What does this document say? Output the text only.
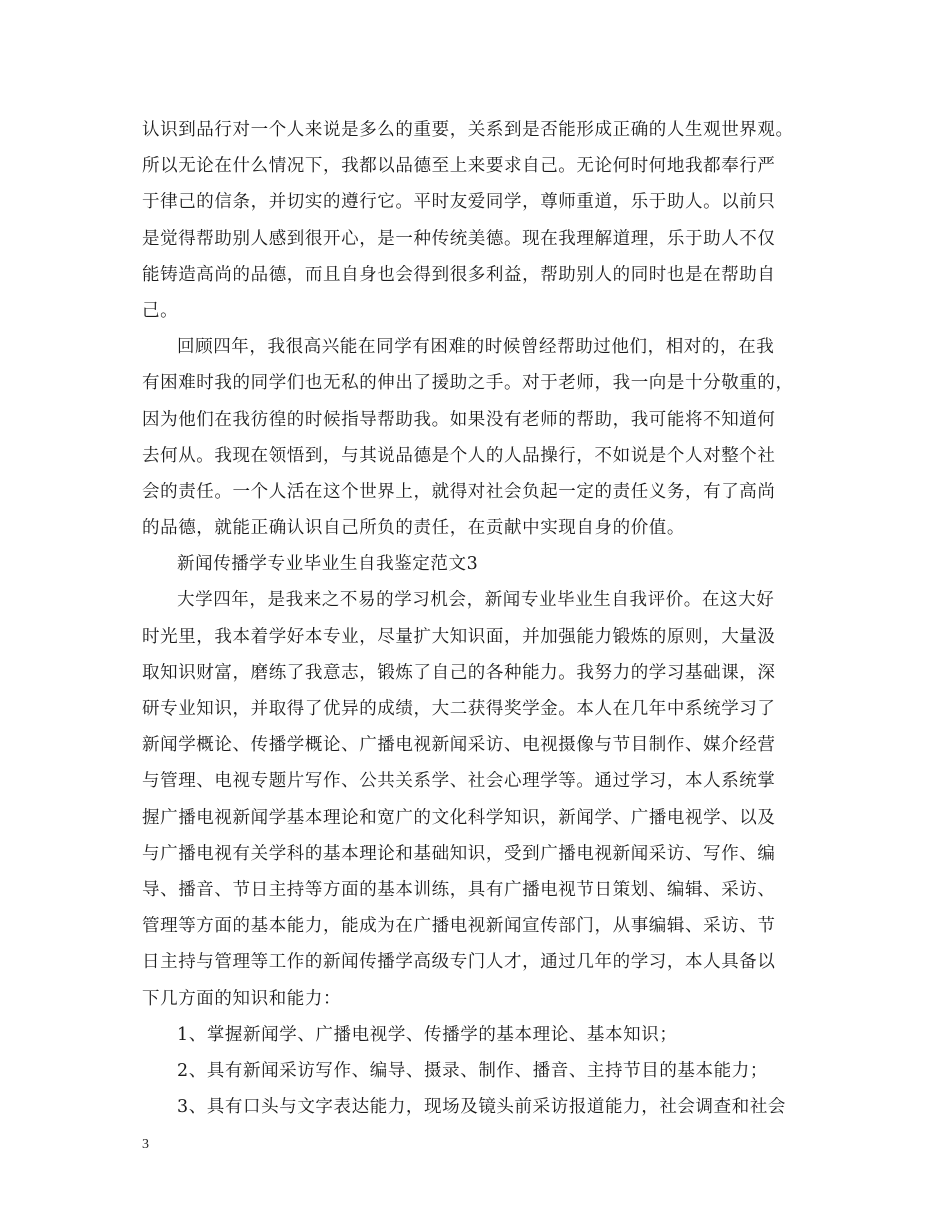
认识到品行对一个人来说是多么的重要，关系到是否能形成正确的人生观世界观。
所以无论在什么情况下，我都以品德至上来要求自己。无论何时何地我都奉行严
于律己的信条，并切实的遵行它。平时友爱同学，尊师重道，乐于助人。以前只
是觉得帮助别人感到很开心，是一种传统美德。现在我理解道理，乐于助人不仅
能铸造高尚的品德，而且自身也会得到很多利益，帮助别人的同时也是在帮助自
己。
回顾四年，我很高兴能在同学有困难的时候曾经帮助过他们，相对的，在我
有困难时我的同学们也无私的伸出了援助之手。对于老师，我一向是十分敬重的，
因为他们在我彷徨的时候指导帮助我。如果没有老师的帮助，我可能将不知道何
去何从。我现在领悟到，与其说品德是个人的人品操行，不如说是个人对整个社
会的责任。一个人活在这个世界上，就得对社会负起一定的责任义务，有了高尚
的品德，就能正确认识自己所负的责任，在贡献中实现自身的价值。
新闻传播学专业毕业生自我鉴定范文3
大学四年，是我来之不易的学习机会，新闻专业毕业生自我评价。在这大好
时光里，我本着学好本专业，尽量扩大知识面，并加强能力锻炼的原则，大量汲
取知识财富，磨练了我意志，锻炼了自己的各种能力。我努力的学习基础课，深
研专业知识，并取得了优异的成绩，大二获得奖学金。本人在几年中系统学习了
新闻学概论、传播学概论、广播电视新闻采访、电视摄像与节目制作、媒介经营
与管理、电视专题片写作、公共关系学、社会心理学等。通过学习，本人系统掌
握广播电视新闻学基本理论和宽广的文化科学知识，新闻学、广播电视学、以及
与广播电视有关学科的基本理论和基础知识，受到广播电视新闻采访、写作、编
导、播音、节日主持等方面的基本训练，具有广播电视节日策划、编辑、采访、
管理等方面的基本能力，能成为在广播电视新闻宣传部门，从事编辑、采访、节
日主持与管理等工作的新闻传播学高级专门人才，通过几年的学习，本人具备以
下几方面的知识和能力：
1、掌握新闻学、广播电视学、传播学的基本理论、基本知识；
2、具有新闻采访写作、编导、摄录、制作、播音、主持节目的基本能力；
3、具有口头与文字表达能力，现场及镜头前采访报道能力，社会调查和社会
3
